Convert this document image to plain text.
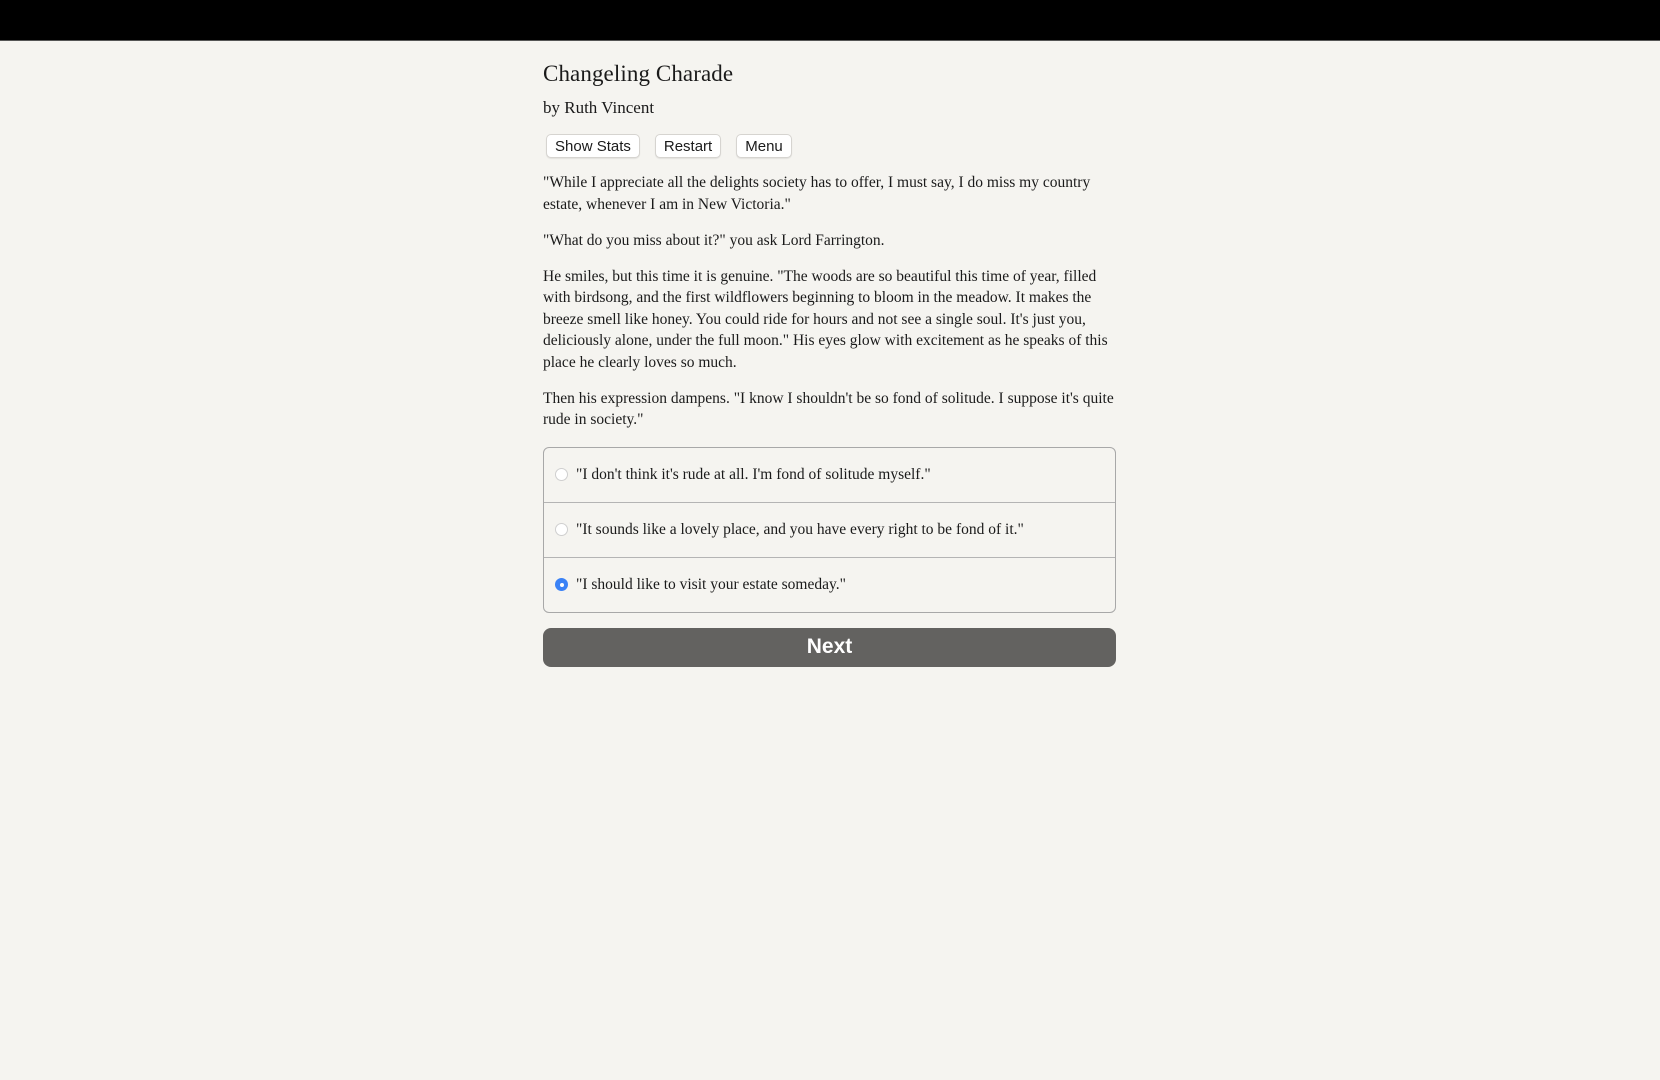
Changeling Charade
by Ruth Vincent
Show Stats	Restart	Menu

"While I appreciate all the delights society has to offer, I must say, I do miss my country estate, whenever I am in New Victoria."

"What do you miss about it?" you ask Lord Farrington.

He smiles, but this time it is genuine. "The woods are so beautiful this time of year, filled with birdsong, and the first wildflowers beginning to bloom in the meadow. It makes the breeze smell like honey. You could ride for hours and not see a single soul. It's just you, deliciously alone, under the full moon." His eyes glow with excitement as he speaks of this place he clearly loves so much.

Then his expression dampens. "I know I shouldn't be so fond of solitude. I suppose it's quite rude in society."

"I don't think it's rude at all. I'm fond of solitude myself."
"It sounds like a lovely place, and you have every right to be fond of it."
"I should like to visit your estate someday."
Next
